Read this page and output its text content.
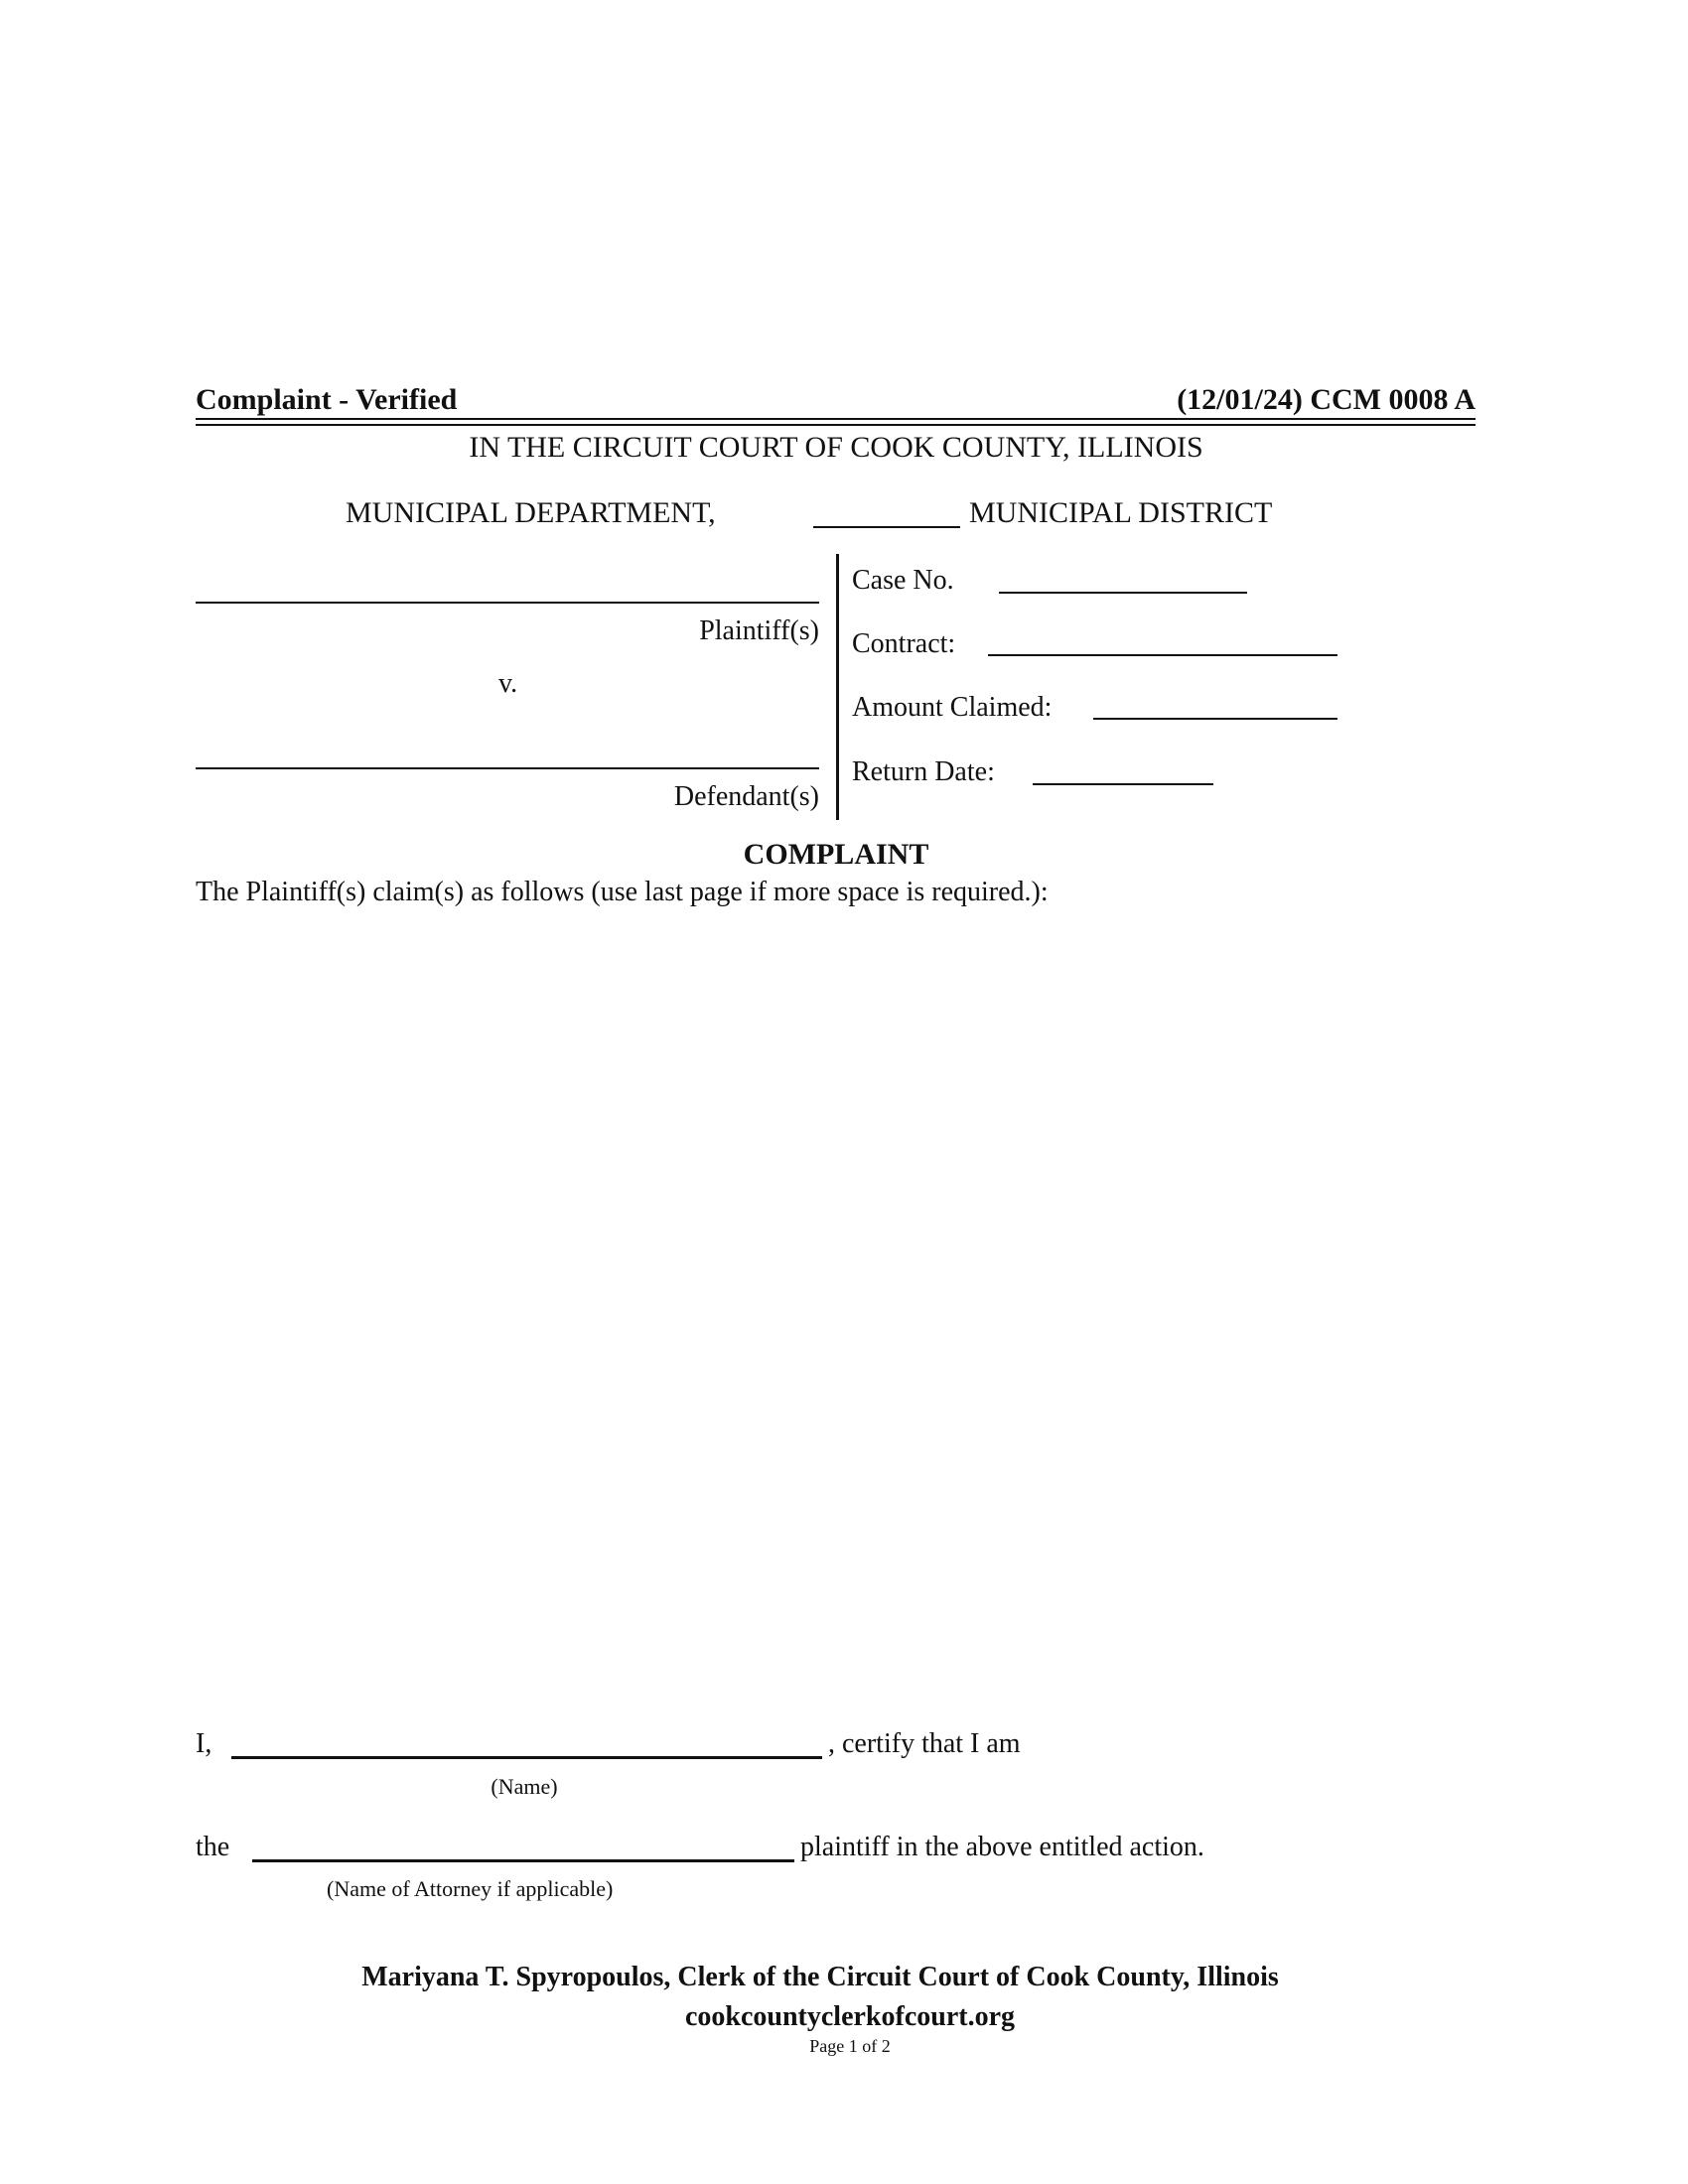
Complaint - Verified	(12/01/24) CCM 0008 A
IN THE CIRCUIT COURT OF COOK COUNTY, ILLINOIS
MUNICIPAL DEPARTMENT,	MUNICIPAL DISTRICT
Plaintiff(s)
v.
Defendant(s)
Case No.
Contract:
Amount Claimed:
Return Date:
COMPLAINT
The Plaintiff(s) claim(s) as follows (use last page if more space is required.):
I,	, certify that I am
(Name)
the	plaintiff in the above entitled action.
(Name of Attorney if applicable)
Mariyana T. Spyropoulos, Clerk of the Circuit Court of Cook County, Illinois
cookcountyclerkofcourt.org
Page 1 of 2
